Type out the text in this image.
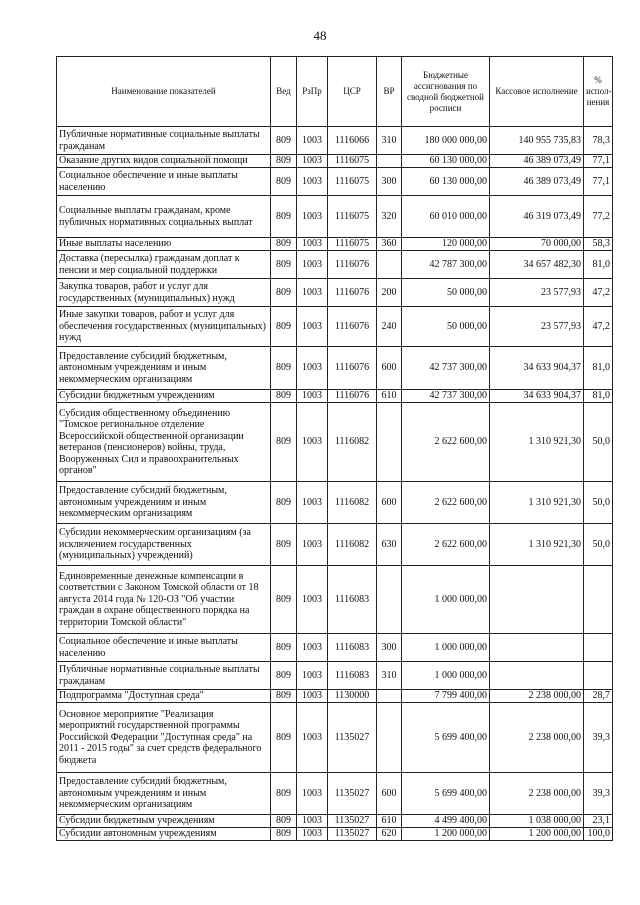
48
Наименование показателей	Вед	РзПр	ЦСР	ВР	Бюджетные ассигнования по сводной бюджетной росписи	Кассовое исполнение	% испол-нения
Публичные нормативные социальные выплаты гражданам	809	1003	1116066	310	180 000 000,00	140 955 735,83	78,3
Оказание других видов социальной помощи	809	1003	1116075		60 130 000,00	46 389 073,49	77,1
Социальное обеспечение и иные выплаты населению	809	1003	1116075	300	60 130 000,00	46 389 073,49	77,1
Социальные выплаты гражданам, кроме публичных нормативных социальных выплат	809	1003	1116075	320	60 010 000,00	46 319 073,49	77,2
Иные выплаты населению	809	1003	1116075	360	120 000,00	70 000,00	58,3
Доставка (пересылка) гражданам доплат к пенсии и мер социальной поддержки	809	1003	1116076		42 787 300,00	34 657 482,30	81,0
Закупка товаров, работ и услуг для государственных (муниципальных) нужд	809	1003	1116076	200	50 000,00	23 577,93	47,2
Иные закупки товаров, работ и услуг для обеспечения государственных (муниципальных) нужд	809	1003	1116076	240	50 000,00	23 577,93	47,2
Предоставление субсидий бюджетным, автономным учреждениям и иным некоммерческим организациям	809	1003	1116076	600	42 737 300,00	34 633 904,37	81,0
Субсидии бюджетным учреждениям	809	1003	1116076	610	42 737 300,00	34 633 904,37	81,0
Субсидия общественному объединению "Томское региональное отделение Всероссийской общественной организации ветеранов (пенсионеров) войны, труда, Вооруженных Сил и правоохранительных органов"	809	1003	1116082		2 622 600,00	1 310 921,30	50,0
Предоставление субсидий бюджетным, автономным учреждениям и иным некоммерческим организациям	809	1003	1116082	600	2 622 600,00	1 310 921,30	50,0
Субсидии некоммерческим организациям (за исключением государственных (муниципальных) учреждений)	809	1003	1116082	630	2 622 600,00	1 310 921,30	50,0
Единовременные денежные компенсации в соответствии с Законом Томской области от 18 августа 2014 года № 120-ОЗ "Об участии граждан в охране общественного порядка на территории Томской области"	809	1003	1116083		1 000 000,00		
Социальное обеспечение и иные выплаты населению	809	1003	1116083	300	1 000 000,00		
Публичные нормативные социальные выплаты гражданам	809	1003	1116083	310	1 000 000,00		
Подпрограмма "Доступная среда"	809	1003	1130000		7 799 400,00	2 238 000,00	28,7
Основное мероприятие "Реализация мероприятий государственной программы Российской Федерации "Доступная среда" на 2011 - 2015 годы" за счет средств федерального бюджета	809	1003	1135027		5 699 400,00	2 238 000,00	39,3
Предоставление субсидий бюджетным, автономным учреждениям и иным некоммерческим организациям	809	1003	1135027	600	5 699 400,00	2 238 000,00	39,3
Субсидии бюджетным учреждениям	809	1003	1135027	610	4 499 400,00	1 038 000,00	23,1
Субсидии автономным учреждениям	809	1003	1135027	620	1 200 000,00	1 200 000,00	100,0
